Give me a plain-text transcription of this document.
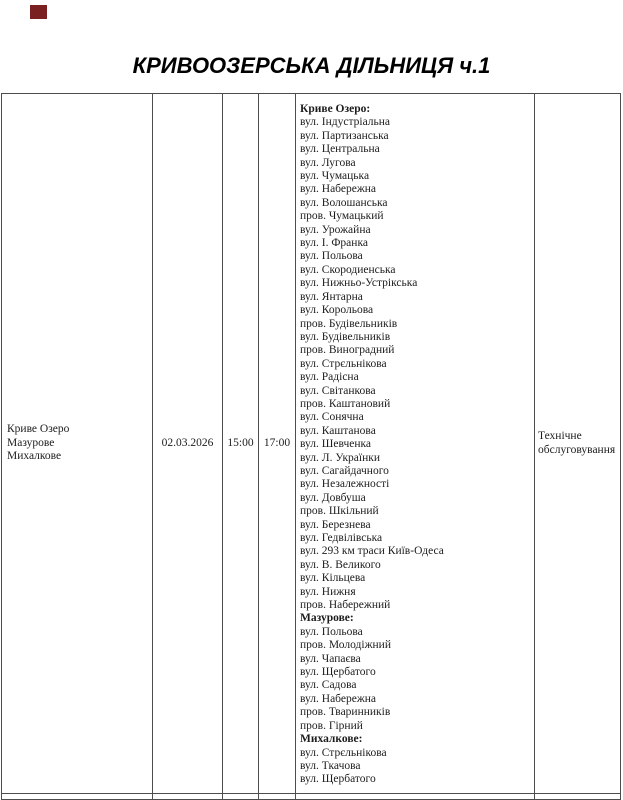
КРИВООЗЕРСЬКА ДІЛЬНИЦЯ ч.1
Криве Озеро
Мазурове
Михалкове
02.03.2026 15:00 17:00
Криве Озеро:
вул. Індустріальна
вул. Партизанська
вул. Центральна
вул. Лугова
вул. Чумацька
вул. Набережна
вул. Волошанська
пров. Чумацький
вул. Урожайна
вул. І. Франка
вул. Польова
вул. Скородиенська
вул. Нижньо-Устрікська
вул. Янтарна
вул. Корольова
пров. Будівельників
вул. Будівельників
пров. Виноградний
вул. Стрєльнікова
вул. Радісна
вул. Світанкова
пров. Каштановий
вул. Сонячна
вул. Каштанова
вул. Шевченка
вул. Л. Українки
вул. Сагайдачного
вул. Незалежності
вул. Довбуша
пров. Шкільний
вул. Березнева
вул. Гедвілівська
вул. 293 км траси Київ-Одеса
вул. В. Великого
вул. Кільцева
вул. Нижня
пров. Набережний
Мазурове:
вул. Польова
пров. Молодіжний
вул. Чапаєва
вул. Щербатого
вул. Садова
вул. Набережна
пров. Тваринників
пров. Гірний
Михалкове:
вул. Стрєльнікова
вул. Ткачова
вул. Щербатого
Технічне
обслуговування
